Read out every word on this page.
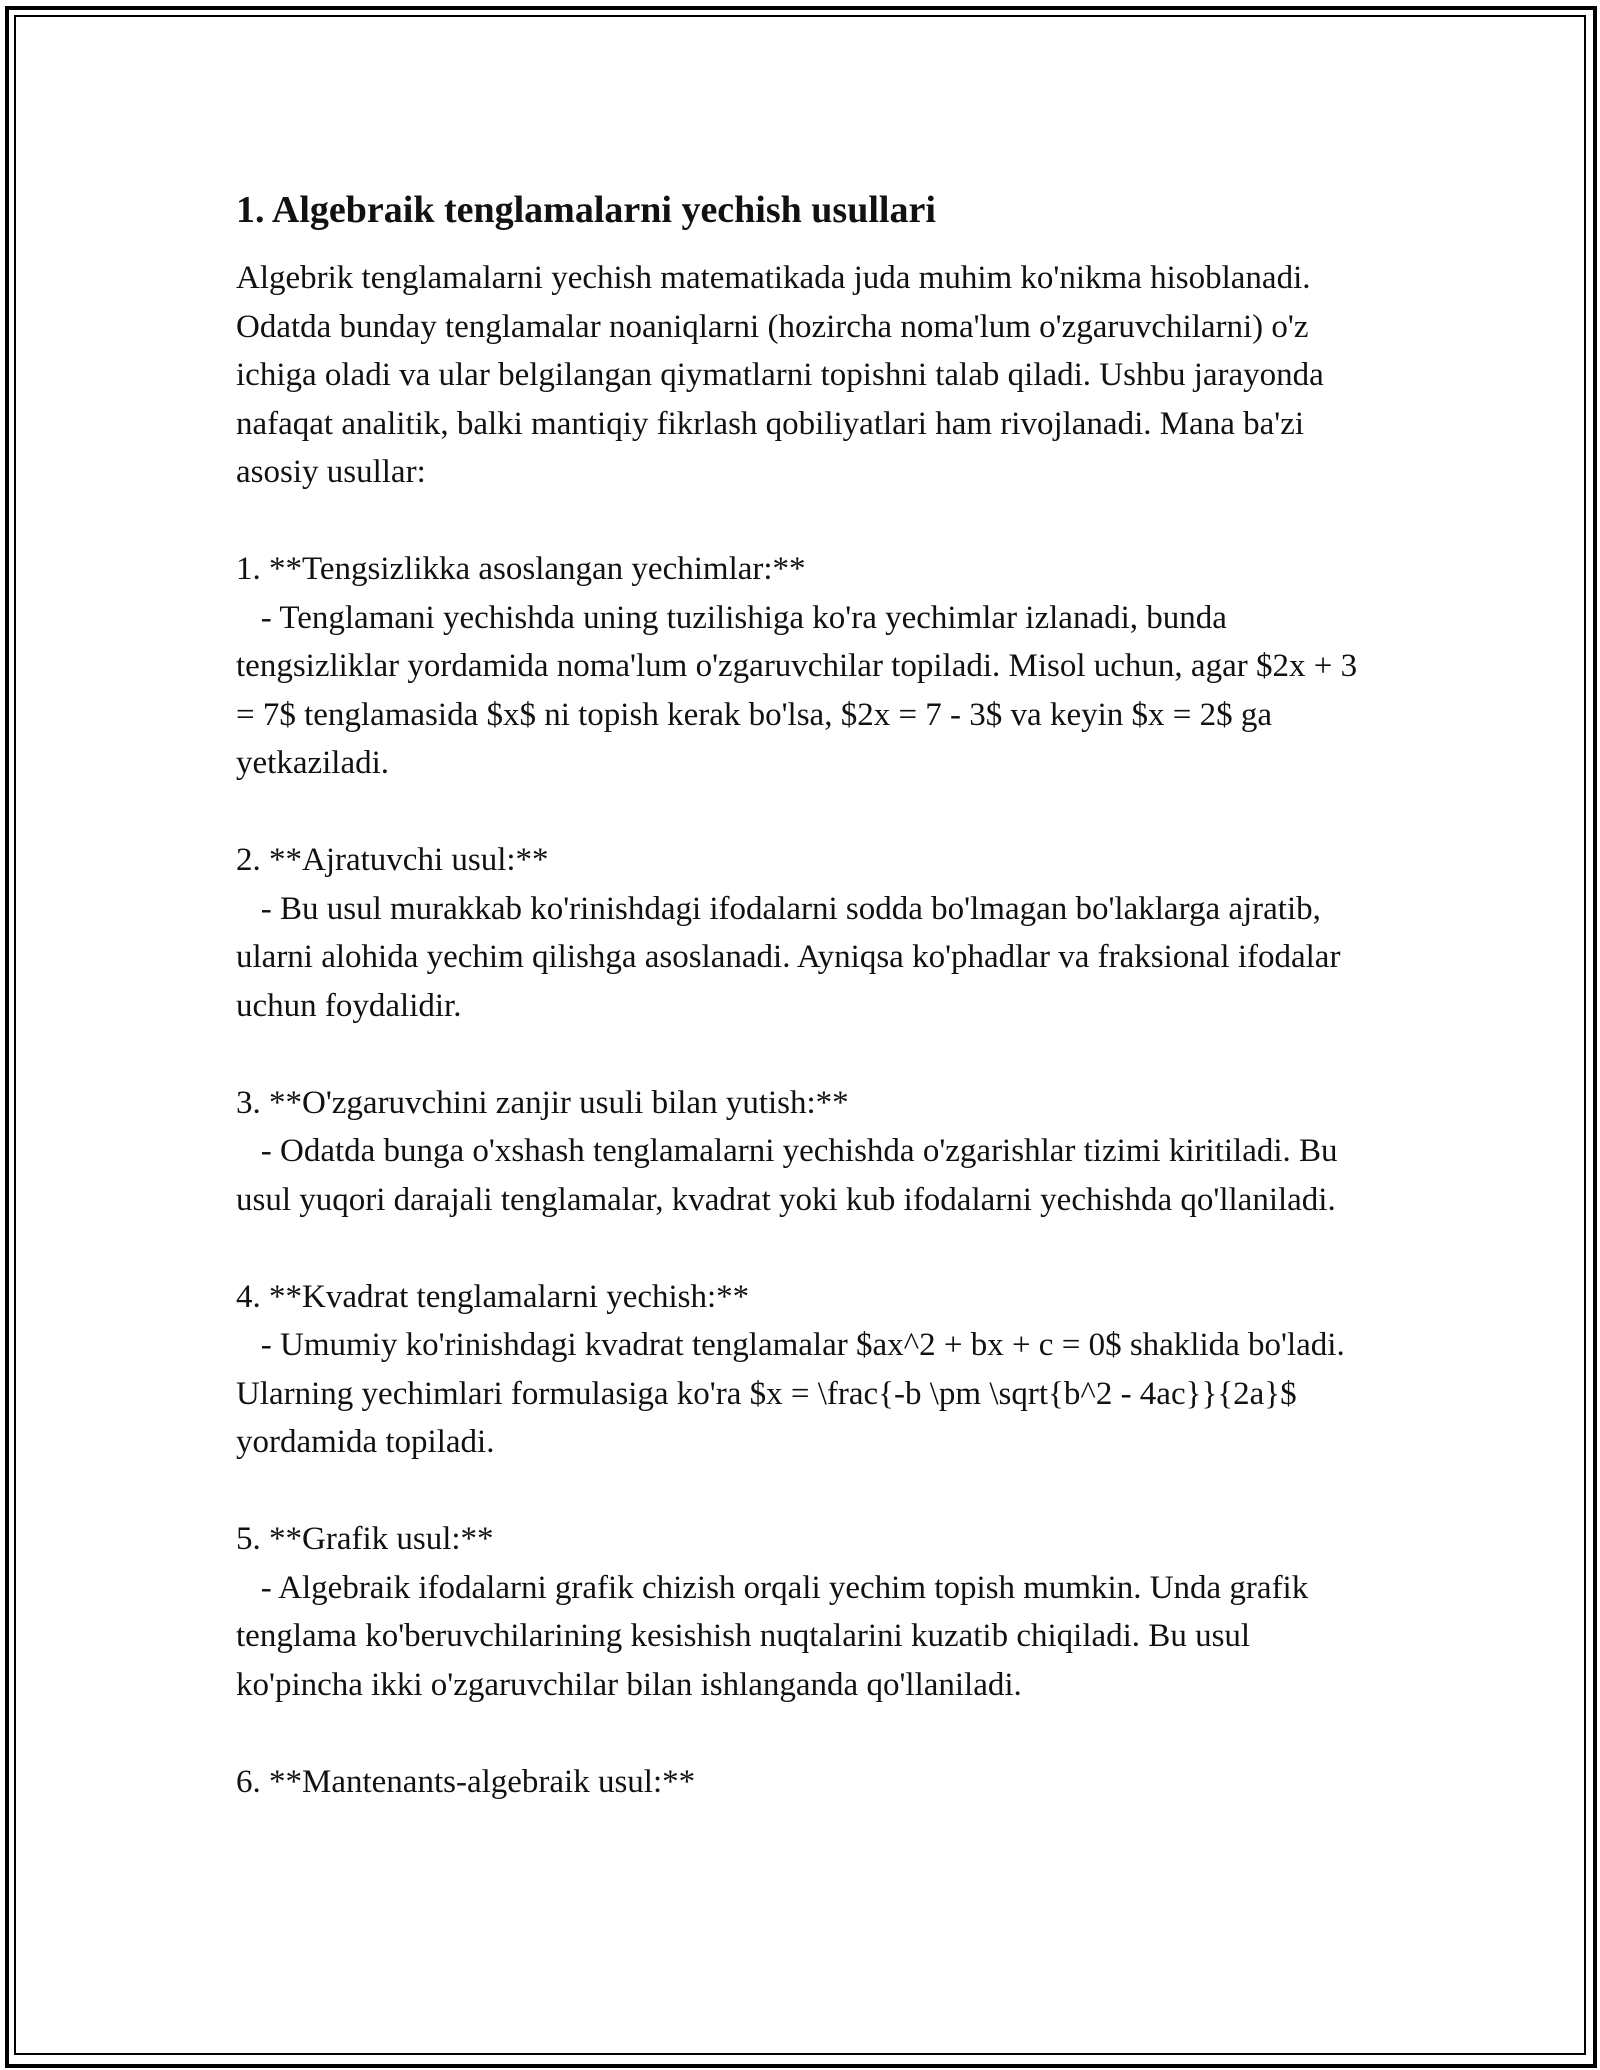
1. Algebraik tenglamalarni yechish usullari

Algebrik tenglamalarni yechish matematikada juda muhim ko'nikma hisoblanadi. Odatda bunday tenglamalar noaniqlarni (hozircha noma'lum o'zgaruvchilarni) o'z ichiga oladi va ular belgilangan qiymatlarni topishni talab qiladi. Ushbu jarayonda nafaqat analitik, balki mantiqiy fikrlash qobiliyatlari ham rivojlanadi. Mana ba'zi asosiy usullar:

1. **Tengsizlikka asoslangan yechimlar:**

- Tenglamani yechishda uning tuzilishiga ko'ra yechimlar izlanadi, bunda tengsizliklar yordamida noma'lum o'zgaruvchilar topiladi. Misol uchun, agar $2x + 3 = 7$ tenglamasida $x$ ni topish kerak bo'lsa, $2x = 7 - 3$ va keyin $x = 2$ ga yetkaziladi.

2. **Ajratuvchi usul:**

- Bu usul murakkab ko'rinishdagi ifodalarni sodda bo'lmagan bo'laklarga ajratib, ularni alohida yechim qilishga asoslanadi. Ayniqsa ko'phadlar va fraksional ifodalar uchun foydalidir.

3. **O'zgaruvchini zanjir usuli bilan yutish:**

- Odatda bunga o'xshash tenglamalarni yechishda o'zgarishlar tizimi kiritiladi. Bu usul yuqori darajali tenglamalar, kvadrat yoki kub ifodalarni yechishda qo'llaniladi.

4. **Kvadrat tenglamalarni yechish:**

- Umumiy ko'rinishdagi kvadrat tenglamalar $ax^2 + bx + c = 0$ shaklida bo'ladi. Ularning yechimlari formulasiga ko'ra $x = \frac{-b \pm \sqrt{b^2 - 4ac}}{2a}$ yordamida topiladi.

5. **Grafik usul:**

- Algebraik ifodalarni grafik chizish orqali yechim topish mumkin. Unda grafik tenglama ko'beruvchilarining kesishish nuqtalarini kuzatib chiqiladi. Bu usul ko'pincha ikki o'zgaruvchilar bilan ishlanganda qo'llaniladi.

6. **Mantenants-algebraik usul:**
